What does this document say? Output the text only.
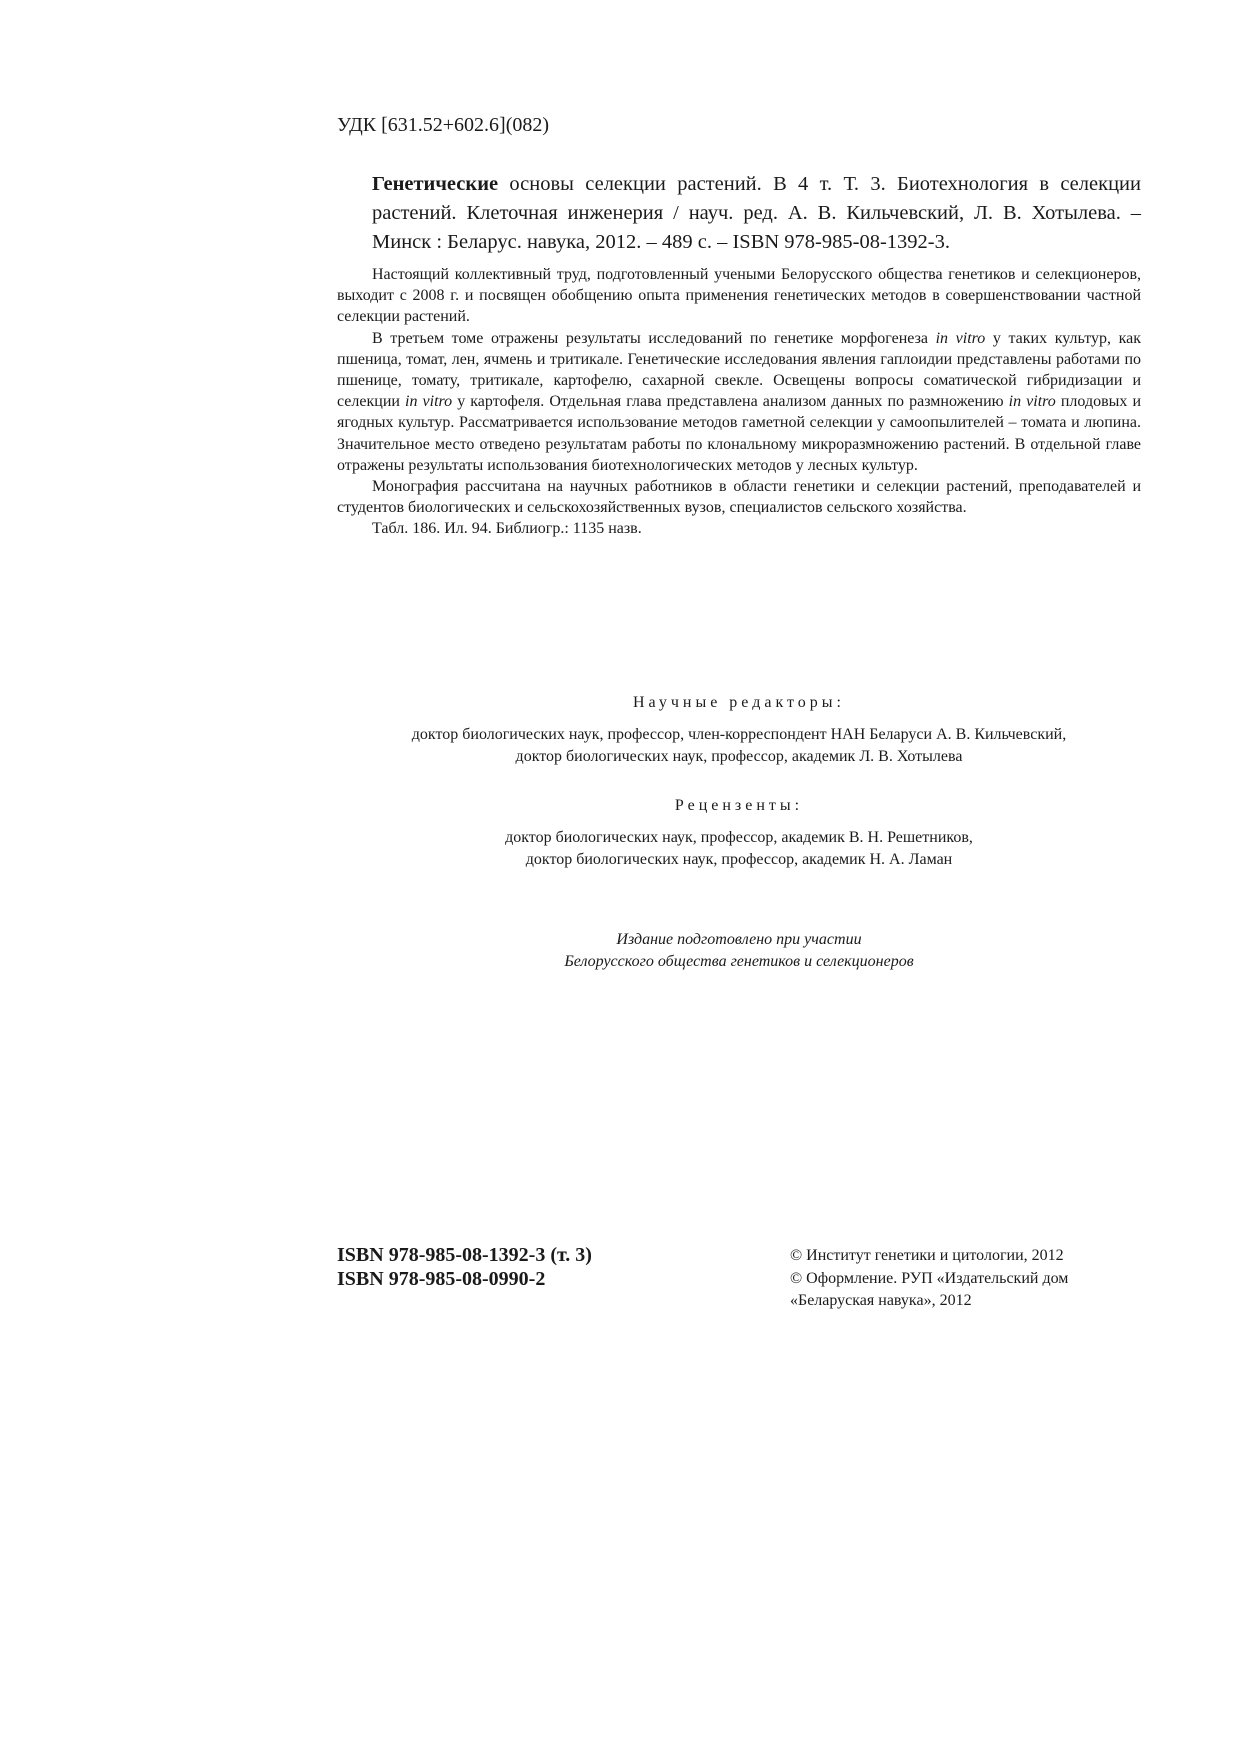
УДК [631.52+602.6](082)
Генетические основы селекции растений. В 4 т. Т. 3. Биотехнология в селекции растений. Клеточная инженерия / науч. ред. А. В. Кильчевский, Л. В. Хотылева. – Минск : Беларус. навука, 2012. – 489 с. – ISBN 978-985-08-1392-3.

Настоящий коллективный труд, подготовленный учеными Белорусского общества генетиков и селекционеров, выходит с 2008 г. и посвящен обобщению опыта применения генетических методов в совершенствовании частной селекции растений.

В третьем томе отражены результаты исследований по генетике морфогенеза in vitro у таких культур, как пшеница, томат, лен, ячмень и тритикале. Генетические исследования явления гаплоидии представлены работами по пшенице, томату, тритикале, картофелю, сахарной свекле. Освещены вопросы соматической гибридизации и селекции in vitro у картофеля. Отдельная глава представлена анализом данных по размножению in vitro плодовых и ягодных культур. Рассматривается использование методов гаметной селекции у самоопылителей – томата и люпина. Значительное место отведено результатам работы по клональному микроразмножению растений. В отдельной главе отражены результаты использования биотехнологических методов у лесных культур.

Монография рассчитана на научных работников в области генетики и селекции растений, преподавателей и студентов биологических и сельскохозяйственных вузов, специалистов сельского хозяйства.

Табл. 186. Ил. 94. Библиогр.: 1135 назв.

Научные редакторы:
доктор биологических наук, профессор, член-корреспондент НАН Беларуси А. В. Кильчевский,
доктор биологических наук, профессор, академик Л. В. Хотылева
Рецензенты:
доктор биологических наук, профессор, академик В. Н. Решетников,
доктор биологических наук, профессор, академик Н. А. Ламан
Издание подготовлено при участии
Белорусского общества генетиков и селекционеров
ISBN 978-985-08-1392-3 (т. 3)
ISBN 978-985-08-0990-2
© Институт генетики и цитологии, 2012
© Оформление. РУП «Издательский дом
«Беларуская навука», 2012
